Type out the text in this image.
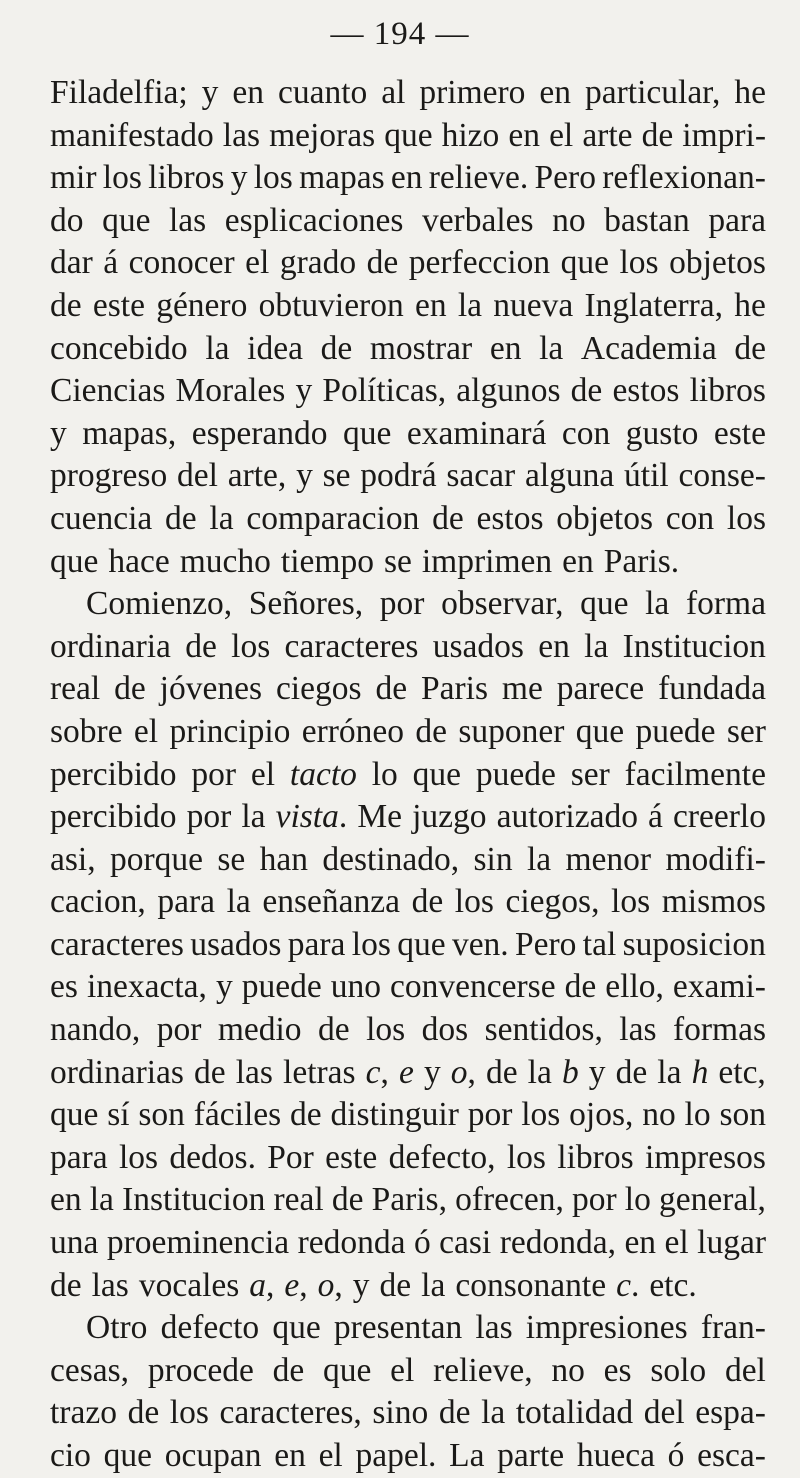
— 194 —
Filadelfia; y en cuanto al primero en particular, he
manifestado las mejoras que hizo en el arte de impri-
mir los libros y los mapas en relieve. Pero reflexionan-
do que las esplicaciones verbales no bastan para
dar á conocer el grado de perfeccion que los objetos
de este género obtuvieron en la nueva Inglaterra, he
concebido la idea de mostrar en la Academia de
Ciencias Morales y Políticas, algunos de estos libros
y mapas, esperando que examinará con gusto este
progreso del arte, y se podrá sacar alguna útil conse-
cuencia de la comparacion de estos objetos con los
que hace mucho tiempo se imprimen en Paris.
Comienzo, Señores, por observar, que la forma
ordinaria de los caracteres usados en la Institucion
real de jóvenes ciegos de Paris me parece fundada
sobre el principio erróneo de suponer que puede ser
percibido por el tacto lo que puede ser facilmente
percibido por la vista. Me juzgo autorizado á creerlo
asi, porque se han destinado, sin la menor modifi-
cacion, para la enseñanza de los ciegos, los mismos
caracteres usados para los que ven. Pero tal suposicion
es inexacta, y puede uno convencerse de ello, exami-
nando, por medio de los dos sentidos, las formas
ordinarias de las letras c, e y o, de la b y de la h etc,
que sí son fáciles de distinguir por los ojos, no lo son
para los dedos. Por este defecto, los libros impresos
en la Institucion real de Paris, ofrecen, por lo general,
una proeminencia redonda ó casi redonda, en el lugar
de las vocales a, e, o, y de la consonante c. etc.
Otro defecto que presentan las impresiones fran-
cesas, procede de que el relieve, no es solo del
trazo de los caracteres, sino de la totalidad del espa-
cio que ocupan en el papel. La parte hueca ó esca-
